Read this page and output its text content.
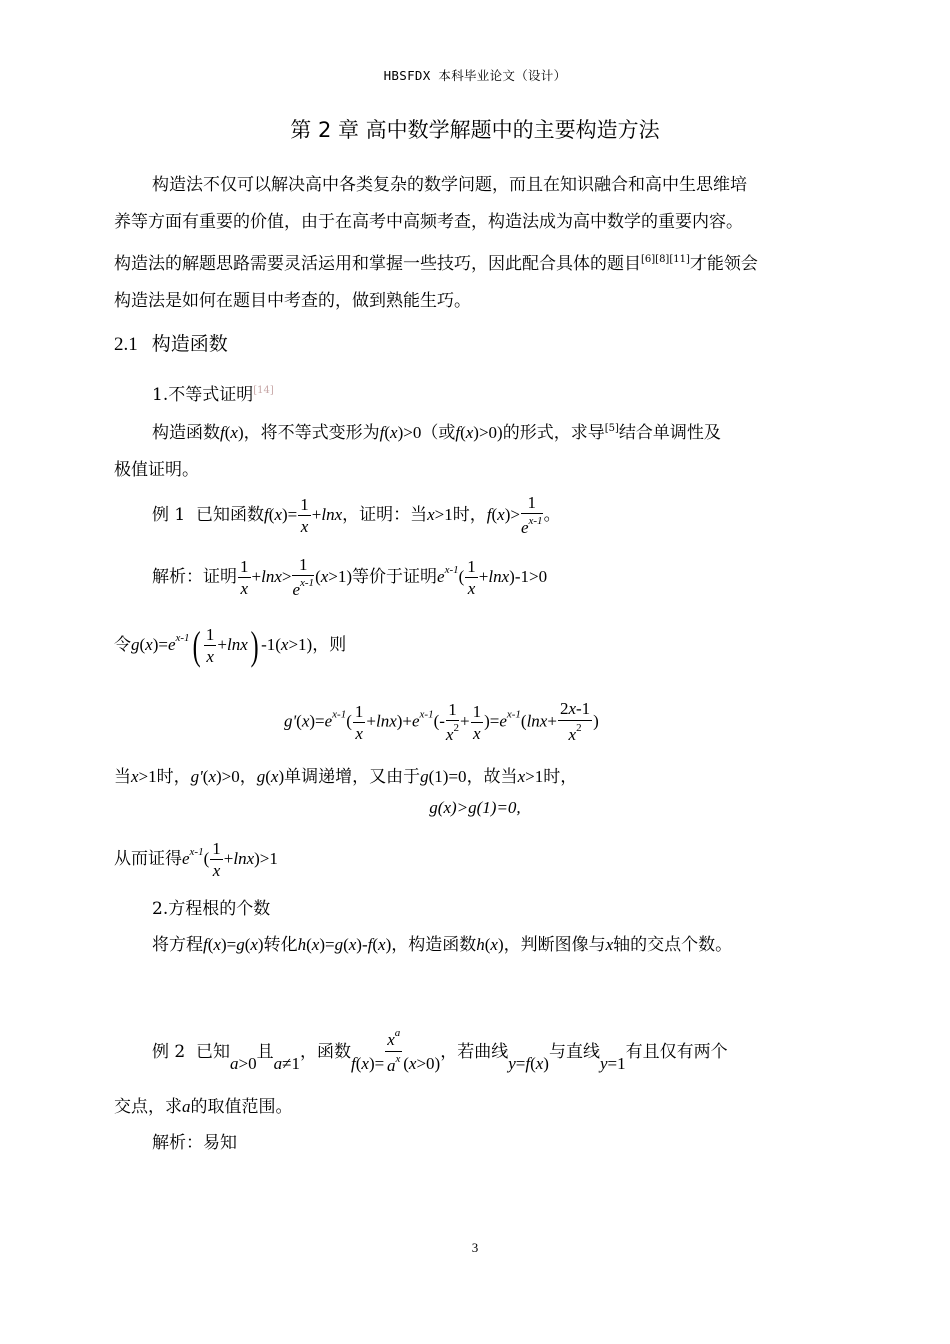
HBSFDX 本科毕业论文（设计）
第 2 章 高中数学解题中的主要构造方法

构造法不仅可以解决高中各类复杂的数学问题，而且在知识融合和高中生思维培

养等方面有重要的价值，由于在高考中高频考查，构造法成为高中数学的重要内容。

构造法的解题思路需要灵活运用和掌握一些技巧，因此配合具体的题目[6][8][11]才能领会

构造法是如何在题目中考查的，做到熟能生巧。

2.1 构造函数
1.不等式证明[14]
构造函数f(x)，将不等式变形为f(x)>0（或f(x)>0)的形式，求导[5]结合单调性及
极值证明。
例 1 已知函数$f(x)= \frac{1}{x} +\ln x$，证明：当x>1时，$f(x)> \frac{1}{e^{x-1}}$ 。
解析：证明 $\frac{1}{x} +\ln x> \frac{1}{e^{x-1}} (x>1)$等价于证明$e^{x-1}( \frac{1}{x} +\ln x)-1>0$
令$g(x)=e^{x-1}( \frac{1}{x} +\ln x)$ -1(x>1)，则
$g'(x)=e^{x-1}( \frac{1}{x} +\ln x)+e^{x-1}(- \frac{1}{x^2} + \frac{1}{x} )=e^{x-1}(\ln x+ \frac{2x-1}{x^2}$ )
当x>1时，g'(x)>0，g(x)单调递增，又由于g(1)=0，故当x>1时，
g(x)>g(1)=0,
从而证得$e^{x-1}( \frac{1}{x} +\ln x)>1$
2.方程根的个数
将方程f(x)=g(x)转化h(x)=g(x)-f(x)，构造函数h(x)，判断图像与x轴的交点个数。
例 2 已知a>0且a≠1，函数$f(x)= \frac{x^a}{a^x} (x>0)$，若曲线y=f(x)与直线y=1有且仅有两个
交点，求a的取值范围。
解析：易知
3
